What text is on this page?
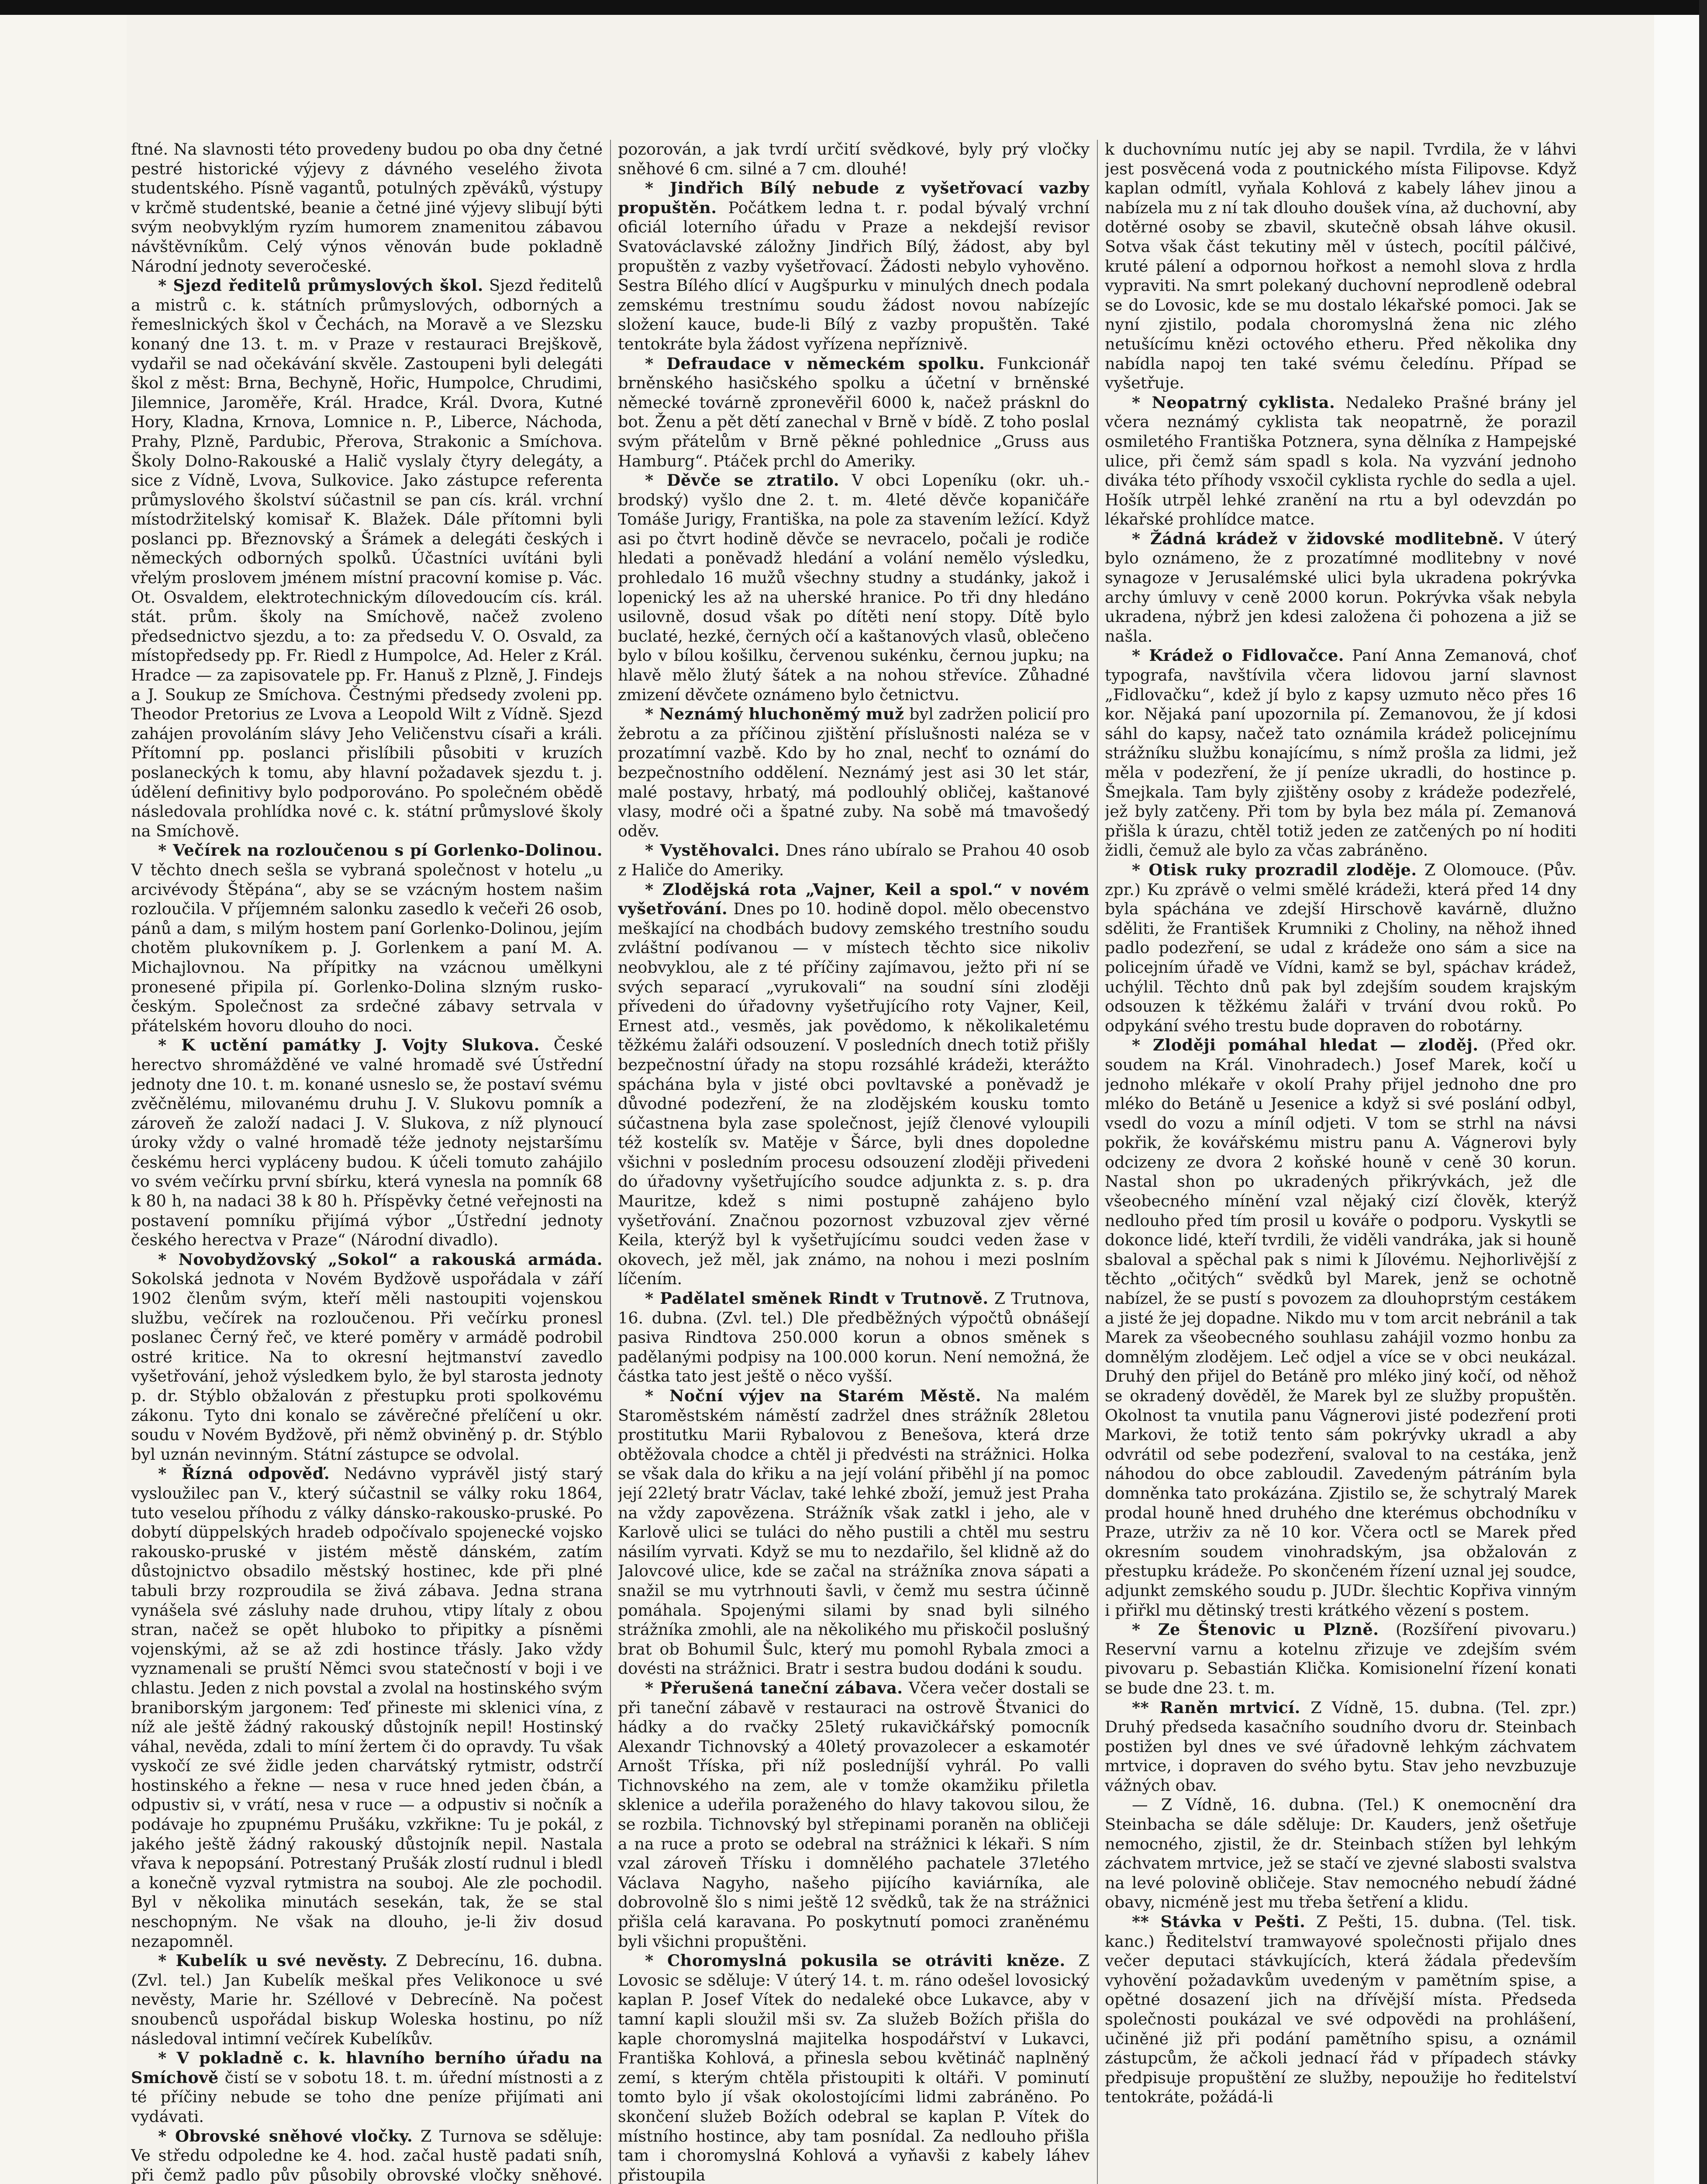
ftné. Na slavnosti této provedeny budou po oba dny četné pestré historické výjevy z dávného veselého života studentského. Písně vagantů, potulných zpěváků, výstupy v krčmě studentské, beanie a četné jiné výjevy slibují býti svým neobvyklým ryzím humorem znamenitou zábavou návštěvníkům. Celý výnos věnován bude pokladně Národní jednoty severočeské.

* Sjezd ředitelů průmyslových škol. Sjezd ředitelů a mistrů c. k. státních průmyslových, odborných a řemeslnických škol v Čechách, na Moravě a ve Slezsku konaný dne 13. t. m. v Praze v restauraci Brejškově, vydařil se nad očekávání skvěle. Zastoupeni byli delegáti škol z měst: Brna, Bechyně, Hořic, Humpolce, Chrudimi, Jilemnice, Jaroměře, Král. Hradce, Král. Dvora, Kutné Hory, Kladna, Krnova, Lomnice n. P., Liberce, Náchoda, Prahy, Plzně, Pardubic, Přerova, Strakonic a Smíchova. Školy Dolno-Rakouské a Halič vyslaly čtyry delegáty, a sice z Vídně, Lvova, Sulkovice. Jako zástupce referenta průmyslového školství súčastnil se pan cís. král. vrchní místodržitelský komisař K. Blažek. Dále přítomni byli poslanci pp. Březnovský a Šrámek a delegáti českých i německých odborných spolků. Účastníci uvítáni byli vřelým proslovem jménem místní pracovní komise p. Vác. Ot. Osvaldem, elektrotechnickým dílovedoucím cís. král. stát. prům. školy na Smíchově, načež zvoleno předsednictvo sjezdu, a to: za předsedu V. O. Osvald, za místopředsedy pp. Fr. Riedl z Humpolce, Ad. Heler z Král. Hradce — za zapisovatele pp. Fr. Hanuš z Plzně, J. Findejs a J. Soukup ze Smíchova. Čestnými předsedy zvoleni pp. Theodor Pretorius ze Lvova a Leopold Wilt z Vídně. Sjezd zahájen provoláním slávy Jeho Veličenstvu císaři a králi. Přítomní pp. poslanci přislíbili působiti v kruzích poslaneckých k tomu, aby hlavní požadavek sjezdu t. j. údělení definitivy bylo podporováno. Po společném obědě následovala prohlídka nové c. k. státní průmyslové školy na Smíchově.

* Večírek na rozloučenou s pí Gorlenko-Dolinou. V těchto dnech sešla se vybraná společnost v hotelu „u arcivévody Štěpána“, aby se se vzácným hostem našim rozloučila. V příjemném salonku zasedlo k večeři 26 osob, pánů a dam, s milým hostem paní Gorlenko-Dolinou, jejím chotěm plukovníkem p. J. Gorlenkem a paní M. A. Michajlovnou. Na přípitky na vzácnou umělkyni pronesené připila pí. Gorlenko-Dolina slzným rusko-českým. Společnost za srdečné zábavy setrvala v přátelském hovoru dlouho do noci.

* K uctění památky J. Vojty Slukova. České herectvo shromážděné ve valné hromadě své Ústřední jednoty dne 10. t. m. konané usneslo se, že postaví svému zvěčnělému, milovanému druhu J. V. Slukovu pomník a zároveň že založí nadaci J. V. Slukova, z níž plynoucí úroky vždy o valné hromadě téže jednoty nejstaršímu českému herci vypláceny budou. K účeli tomuto zahájilo vo svém večírku první sbírku, která vynesla na pomník 68 k 80 h, na nadaci 38 k 80 h. Příspěvky četné veřejnosti na postavení pomníku přijímá výbor „Ústřední jednoty českého herectva v Praze“ (Národní divadlo).

* Novobydžovský „Sokol“ a rakouská armáda. Sokolská jednota v Novém Bydžově uspořádala v září 1902 členům svým, kteří měli nastoupiti vojenskou službu, večírek na rozloučenou. Při večírku pronesl poslanec Černý řeč, ve které poměry v armádě podrobil ostré kritice. Na to okresní hejtmanství zavedlo vyšetřování, jehož výsledkem bylo, že byl starosta jednoty p. dr. Stýblo obžalován z přestupku proti spolkovému zákonu. Tyto dni konalo se závěrečné přelíčení u okr. soudu v Novém Bydžově, při němž obviněný p. dr. Stýblo byl uznán nevinným. Státní zástupce se odvolal.

* Řízná odpověď. Nedávno vyprávěl jistý starý vysloužilec pan V., který súčastnil se války roku 1864, tuto veselou příhodu z války dánsko-rakousko-pruské. Po dobytí düppelských hradeb odpočívalo spojenecké vojsko rakousko-pruské v jistém městě dánském, zatím důstojnictvo obsadilo městský hostinec, kde při plné tabuli brzy rozproudila se živá zábava. Jedna strana vynášela své zásluhy nade druhou, vtipy lítaly z obou stran, načež se opět hluboko to připitky a písněmi vojenskými, až se až zdi hostince třásly. Jako vždy vyznamenali se pruští Němci svou statečností v boji i ve chlastu. Jeden z nich povstal a zvolal na hostinského svým braniborským jargonem: Teď přineste mi sklenici vína, z níž ale ještě žádný rakouský důstojník nepil! Hostinský váhal, nevěda, zdali to míní žertem či do opravdy. Tu však vyskočí ze své židle jeden charvátský rytmistr, odstrčí hostinského a řekne — nesa v ruce hned jeden čbán, a odpustiv si, v vrátí, nesa v ruce — a odpustiv si nočník a podávaje ho zpupnému Prušáku, vzkřikne: Tu je pokál, z jakého ještě žádný rakouský důstojník nepil. Nastala vřava k nepopsání. Potrestaný Prušák zlostí rudnul i bledl a konečně vyzval rytmistra na souboj. Ale zle pochodil. Byl v několika minutách sesekán, tak, že se stal neschopným. Ne však na dlouho, je-li živ dosud nezapomněl.

* Kubelík u své nevěsty. Z Debrecínu, 16. dubna. (Zvl. tel.) Jan Kubelík meškal přes Velikonoce u své nevěsty, Marie hr. Széllové v Debrecíně. Na počest snoubenců uspořádal biskup Woleska hostinu, po níž následoval intimní večírek Kubelíkův.

* V pokladně c. k. hlavního berního úřadu na Smíchově čistí se v sobotu 18. t. m. úřední místnosti a z té příčiny nebude se toho dne peníze přijímati ani vydávati.

* Obrovské sněhové vločky. Z Turnova se sděluje: Ve středu odpoledne ke 4. hod. začal hustě padati sníh, při čemž padlo pův působily obrovské vločky sněhové.

pozorován, a jak tvrdí určití svědkové, byly prý vločky sněhové 6 cm. silné a 7 cm. dlouhé!

* Jindřich Bílý nebude z vyšetřovací vazby propuštěn. Počátkem ledna t. r. podal bývalý vrchní oficiál loterního úřadu v Praze a nekdejší revisor Svatováclavské záložny Jindřich Bílý, žádost, aby byl propuštěn z vazby vyšetřovací. Žádosti nebylo vyhověno. Sestra Bílého dlící v Augšpurku v minulých dnech podala zemskému trestnímu soudu žádost novou nabízejíc složení kauce, bude-li Bílý z vazby propuštěn. Také tentokráte byla žádost vyřízena nepříznivě.

* Defraudace v německém spolku. Funkcionář brněnského hasičského spolku a účetní v brněnské německé továrně zpronevěřil 6000 k, načež prásknl do bot. Ženu a pět dětí zanechal v Brně v bídě. Z toho poslal svým přátelům v Brně pěkné pohlednice „Gruss aus Hamburg“. Ptáček prchl do Ameriky.

* Děvče se ztratilo. V obci Lopeníku (okr. uh.-brodský) vyšlo dne 2. t. m. 4leté děvče kopaničáře Tomáše Jurigy, Františka, na pole za stavením ležící. Když asi po čtvrt hodině děvče se nevracelo, počali je rodiče hledati a poněvadž hledání a volání nemělo výsledku, prohledalo 16 mužů všechny studny a studánky, jakož i lopenický les až na uherské hranice. Po tři dny hledáno usilovně, dosud však po dítěti není stopy. Dítě bylo buclaté, hezké, černých očí a kaštanových vlasů, oblečeno bylo v bílou košilku, červenou sukénku, černou jupku; na hlavě mělo žlutý šátek a na nohou střevíce. Zůhadné zmizení děvčete oznámeno bylo četnictvu.

* Neznámý hluchoněmý muž byl zadržen policií pro žebrotu a za příčinou zjištění příslušnosti naléza se v prozatímní vazbě. Kdo by ho znal, nechť to oznámí do bezpečnostního oddělení. Neznámý jest asi 30 let stár, malé postavy, hrbatý, má podlouhlý obličej, kaštanové vlasy, modré oči a špatné zuby. Na sobě má tmavošedý oděv.

* Vystěhovalci. Dnes ráno ubíralo se Prahou 40 osob z Haliče do Ameriky.

* Zlodějská rota „Vajner, Keil a spol.“ v novém vyšetřování. Dnes po 10. hodině dopol. mělo obecenstvo meškající na chodbách budovy zemského trestního soudu zvláštní podívanou — v místech těchto sice nikoliv neobvyklou, ale z té příčiny zajímavou, ježto při ní se svých separací „vyrukovali“ na soudní síni zloději přívedeni do úřadovny vyšetřujícího roty Vajner, Keil, Ernest atd., vesměs, jak povědomo, k několikaletému těžkému žaláři odsouzení. V posledních dnech totiž přišly bezpečnostní úřady na stopu rozsáhlé krádeži, kterážto spáchána byla v jisté obci povltavské a poněvadž je důvodné podezření, že na zlodějském kousku tomto súčastnena byla zase společnost, jejíž členové vyloupili též kostelík sv. Matěje v Šárce, byli dnes dopoledne všichni v posledním procesu odsouzení zloději přivedeni do úřadovny vyšetřujícího soudce adjunkta z. s. p. dra Mauritze, kdež s nimi postupně zahájeno bylo vyšetřování. Značnou pozornost vzbuzoval zjev věrné Keila, kterýž byl k vyšetřujícímu soudci veden žase v okovech, jež měl, jak známo, na nohou i mezi poslním líčením.

* Padělatel směnek Rindt v Trutnově. Z Trutnova, 16. dubna. (Zvl. tel.) Dle předběžných výpočtů obnášejí pasiva Rindtova 250.000 korun a obnos směnek s padělanými podpisy na 100.000 korun. Není nemožná, že částka tato jest ještě o něco vyšší.

* Noční výjev na Starém Městě. Na malém Staroměstském náměstí zadržel dnes strážník 28letou prostitutku Marii Rybalovou z Benešova, která drze obtěžovala chodce a chtěl ji předvésti na strážnici. Holka se však dala do křiku a na její volání přiběhl jí na pomoc její 22letý bratr Václav, také lehké zboží, jemuž jest Praha na vždy zapovězena. Strážník však zatkl i jeho, ale v Karlově ulici se tuláci do něho pustili a chtěl mu sestru násilím vyrvati. Když se mu to nezdařilo, šel klidně až do Jalovcové ulice, kde se začal na strážníka znova sápati a snažil se mu vytrhnouti šavli, v čemž mu sestra účinně pomáhala. Spojenými silami by snad byli silného strážníka zmohli, ale na několikého mu přiskočil poslušný brat ob Bohumil Šulc, který mu pomohl Rybala zmoci a dovésti na strážnici. Bratr i sestra budou dodáni k soudu.

* Přerušená taneční zábava. Včera večer dostali se při taneční zábavě v restauraci na ostrově Štvanici do hádky a do rvačky 25letý rukavičkářský pomocník Alexandr Tichnovský a 40letý provazolecer a eskamotér Arnošt Tříska, při níž posledníjší vyhrál. Po valli Tichnovského na zem, ale v tomže okamžiku přiletla sklenice a udeřila poraženého do hlavy takovou silou, že se rozbila. Tichnovský byl střepinami poraněn na obličeji a na ruce a proto se odebral na strážnici k lékaři. S ním vzal zároveň Třísku i domnělého pachatele 37letého Václava Nagyho, našeho pijícího kaviárníka, ale dobrovolně šlo s nimi ještě 12 svědků, tak že na strážnici přišla celá karavana. Po poskytnutí pomoci zraněnému byli všichni propuštěni.

* Choromyslná pokusila se otráviti kněze. Z Lovosic se sděluje: V úterý 14. t. m. ráno odešel lovosický kaplan P. Josef Vítek do nedaleké obce Lukavce, aby v tamní kapli sloužil mši sv. Za služeb Božích přišla do kaple choromyslná majitelka hospodářství v Lukavci, Františka Kohlová, a přinesla sebou květináč naplněný zemí, s kterým chtěla přistoupiti k oltáři. V pominutí tomto bylo jí však okolostojícími lidmi zabráněno. Po skončení služeb Božích odebral se kaplan P. Vítek do místního hostince, aby tam posnídal. Za nedlouho přišla tam i choromyslná Kohlová a vyňavši z kabely láhev přistoupila

k duchovnímu nutíc jej aby se napil. Tvrdila, že v láhvi jest posvěcená voda z poutnického místa Filipovse. Když kaplan odmítl, vyňala Kohlová z kabely láhev jinou a nabízela mu z ní tak dlouho doušek vína, až duchovní, aby dotěrné osoby se zbavil, skutečně obsah láhve okusil. Sotva však část tekutiny měl v ústech, pocítil pálčivé, kruté pálení a odpornou hořkost a nemohl slova z hrdla vypraviti. Na smrt polekaný duchovní neprodleně odebral se do Lovosic, kde se mu dostalo lékařské pomoci. Jak se nyní zjistilo, podala choromyslná žena nic zlého netušícímu knězi octového etheru. Před několika dny nabídla napoj ten také svému čeledínu. Případ se vyšetřuje.

* Neopatrný cyklista. Nedaleko Prašné brány jel včera neznámý cyklista tak neopatrně, že porazil osmiletého Františka Potznera, syna dělníka z Hampejské ulice, při čemž sám spadl s kola. Na vyzvání jednoho diváka této příhody vsxočil cyklista rychle do sedla a ujel. Hošík utrpěl lehké zranění na rtu a byl odevzdán po lékařské prohlídce matce.

* Žádná krádež v židovské modlitebně. V úterý bylo oznámeno, že z prozatímné modlitebny v nové synagoze v Jerusalémské ulici byla ukradena pokrývka archy úmluvy v ceně 2000 korun. Pokrývka však nebyla ukradena, nýbrž jen kdesi založena či pohozena a již se našla.

* Krádež o Fidlovačce. Paní Anna Zemanová, choť typografa, navštívila včera lidovou jarní slavnost „Fidlovačku“, kdež jí bylo z kapsy uzmuto něco přes 16 kor. Nějaká paní upozornila pí. Zemanovou, že jí kdosi sáhl do kapsy, načež tato oznámila krádež policejnímu strážníku službu konajícímu, s nímž prošla za lidmi, jež měla v podezření, že jí peníze ukradli, do hostince p. Šmejkala. Tam byly zjištěny osoby z krádeže podezřelé, jež byly zatčeny. Při tom by byla bez mála pí. Zemanová přišla k úrazu, chtěl totiž jeden ze zatčených po ní hoditi židli, čemuž ale bylo za včas zabráněno.

* Otisk ruky prozradil zloděje. Z Olomouce. (Pův. zpr.) Ku zprávě o velmi smělé krádeži, která před 14 dny byla spáchána ve zdejší Hirschově kavárně, dlužno sděliti, že František Krumniki z Choliny, na něhož ihned padlo podezření, se udal z krádeže ono sám a sice na policejním úřadě ve Vídni, kamž se byl, spáchav krádež, uchýlil. Těchto dnů pak byl zdejším soudem krajským odsouzen k těžkému žaláři v trvání dvou roků. Po odpykání svého trestu bude dopraven do robotárny.

* Zloději pomáhal hledat — zloděj. (Před okr. soudem na Král. Vinohradech.) Josef Marek, kočí u jednoho mlékaře v okolí Prahy přijel jednoho dne pro mléko do Betáně u Jesenice a když si své poslání odbyl, vsedl do vozu a míníl odjeti. V tom se strhl na návsi pokřik, že kovářskému mistru panu A. Vágnerovi byly odcizeny ze dvora 2 koňské houně v ceně 30 korun. Nastal shon po ukradených přikrývkách, jež dle všeobecného mínění vzal nějaký cizí člověk, kterýž nedlouho před tím prosil u kováře o podporu. Vyskytli se dokonce lidé, kteří tvrdili, že viděli vandráka, jak si houně sbaloval a spěchal pak s nimi k Jílovému. Nejhorlivější z těchto „očitých“ svědků byl Marek, jenž se ochotně nabízel, že se pustí s povozem za dlouhoprstým cestákem a jisté že jej dopadne. Nikdo mu v tom arcit nebránil a tak Marek za všeobecného souhlasu zahájil vozmo honbu za domnělým zlodějem. Leč odjel a více se v obci neukázal. Druhý den přijel do Betáně pro mléko jiný kočí, od něhož se okradený dověděl, že Marek byl ze služby propuštěn. Okolnost ta vnutila panu Vágnerovi jisté podezření proti Markovi, že totiž tento sám pokrývky ukradl a aby odvrátil od sebe podezření, svaloval to na cestáka, jenž náhodou do obce zabloudil. Zavedeným pátráním byla domněnka tato prokázána. Zjistilo se, že schytralý Marek prodal houně hned druhého dne kterémus obchodníku v Praze, utrživ za ně 10 kor. Včera octl se Marek před okresním soudem vinohradským, jsa obžalován z přestupku krádeže. Po skončeném řízení uznal jej soudce, adjunkt zemského soudu p. JUDr. šlechtic Kopřiva vinným i přiřkl mu dětinský tresti krátkého vězení s postem.

* Ze Štenovic u Plzně. (Rozšíření pivovaru.) Reservní varnu a kotelnu zřizuje ve zdejším svém pivovaru p. Sebastián Klička. Komisionelní řízení konati se bude dne 23. t. m.

** Raněn mrtvicí. Z Vídně, 15. dubna. (Tel. zpr.) Druhý předseda kasačního soudního dvoru dr. Steinbach postižen byl dnes ve své úřadovně lehkým záchvatem mrtvice, i dopraven do svého bytu. Stav jeho nevzbuzuje vážných obav.

— Z Vídně, 16. dubna. (Tel.) K onemocnění dra Steinbacha se dále sděluje: Dr. Kauders, jenž ošetřuje nemocného, zjistil, že dr. Steinbach stížen byl lehkým záchvatem mrtvice, jež se stačí ve zjevné slabosti svalstva na levé polovině obličeje. Stav nemocného nebudí žádné obavy, nicméně jest mu třeba šetření a klidu.

** Stávka v Pešti. Z Pešti, 15. dubna. (Tel. tisk. kanc.) Ředitelství tramwayové společnosti přijalo dnes večer deputaci stávkujících, která žádala především vyhovění požadavkům uvedeným v pamětním spise, a opětné dosazení jich na dřívější místa. Předseda společnosti poukázal ve své odpovědi na prohlášení, učiněné již při podání pamětního spisu, a oznámil zástupcům, že ačkoli jednací řád v případech stávky předpisuje propuštění ze služby, nepoužije ho ředitelství tentokráte, požádá-li
